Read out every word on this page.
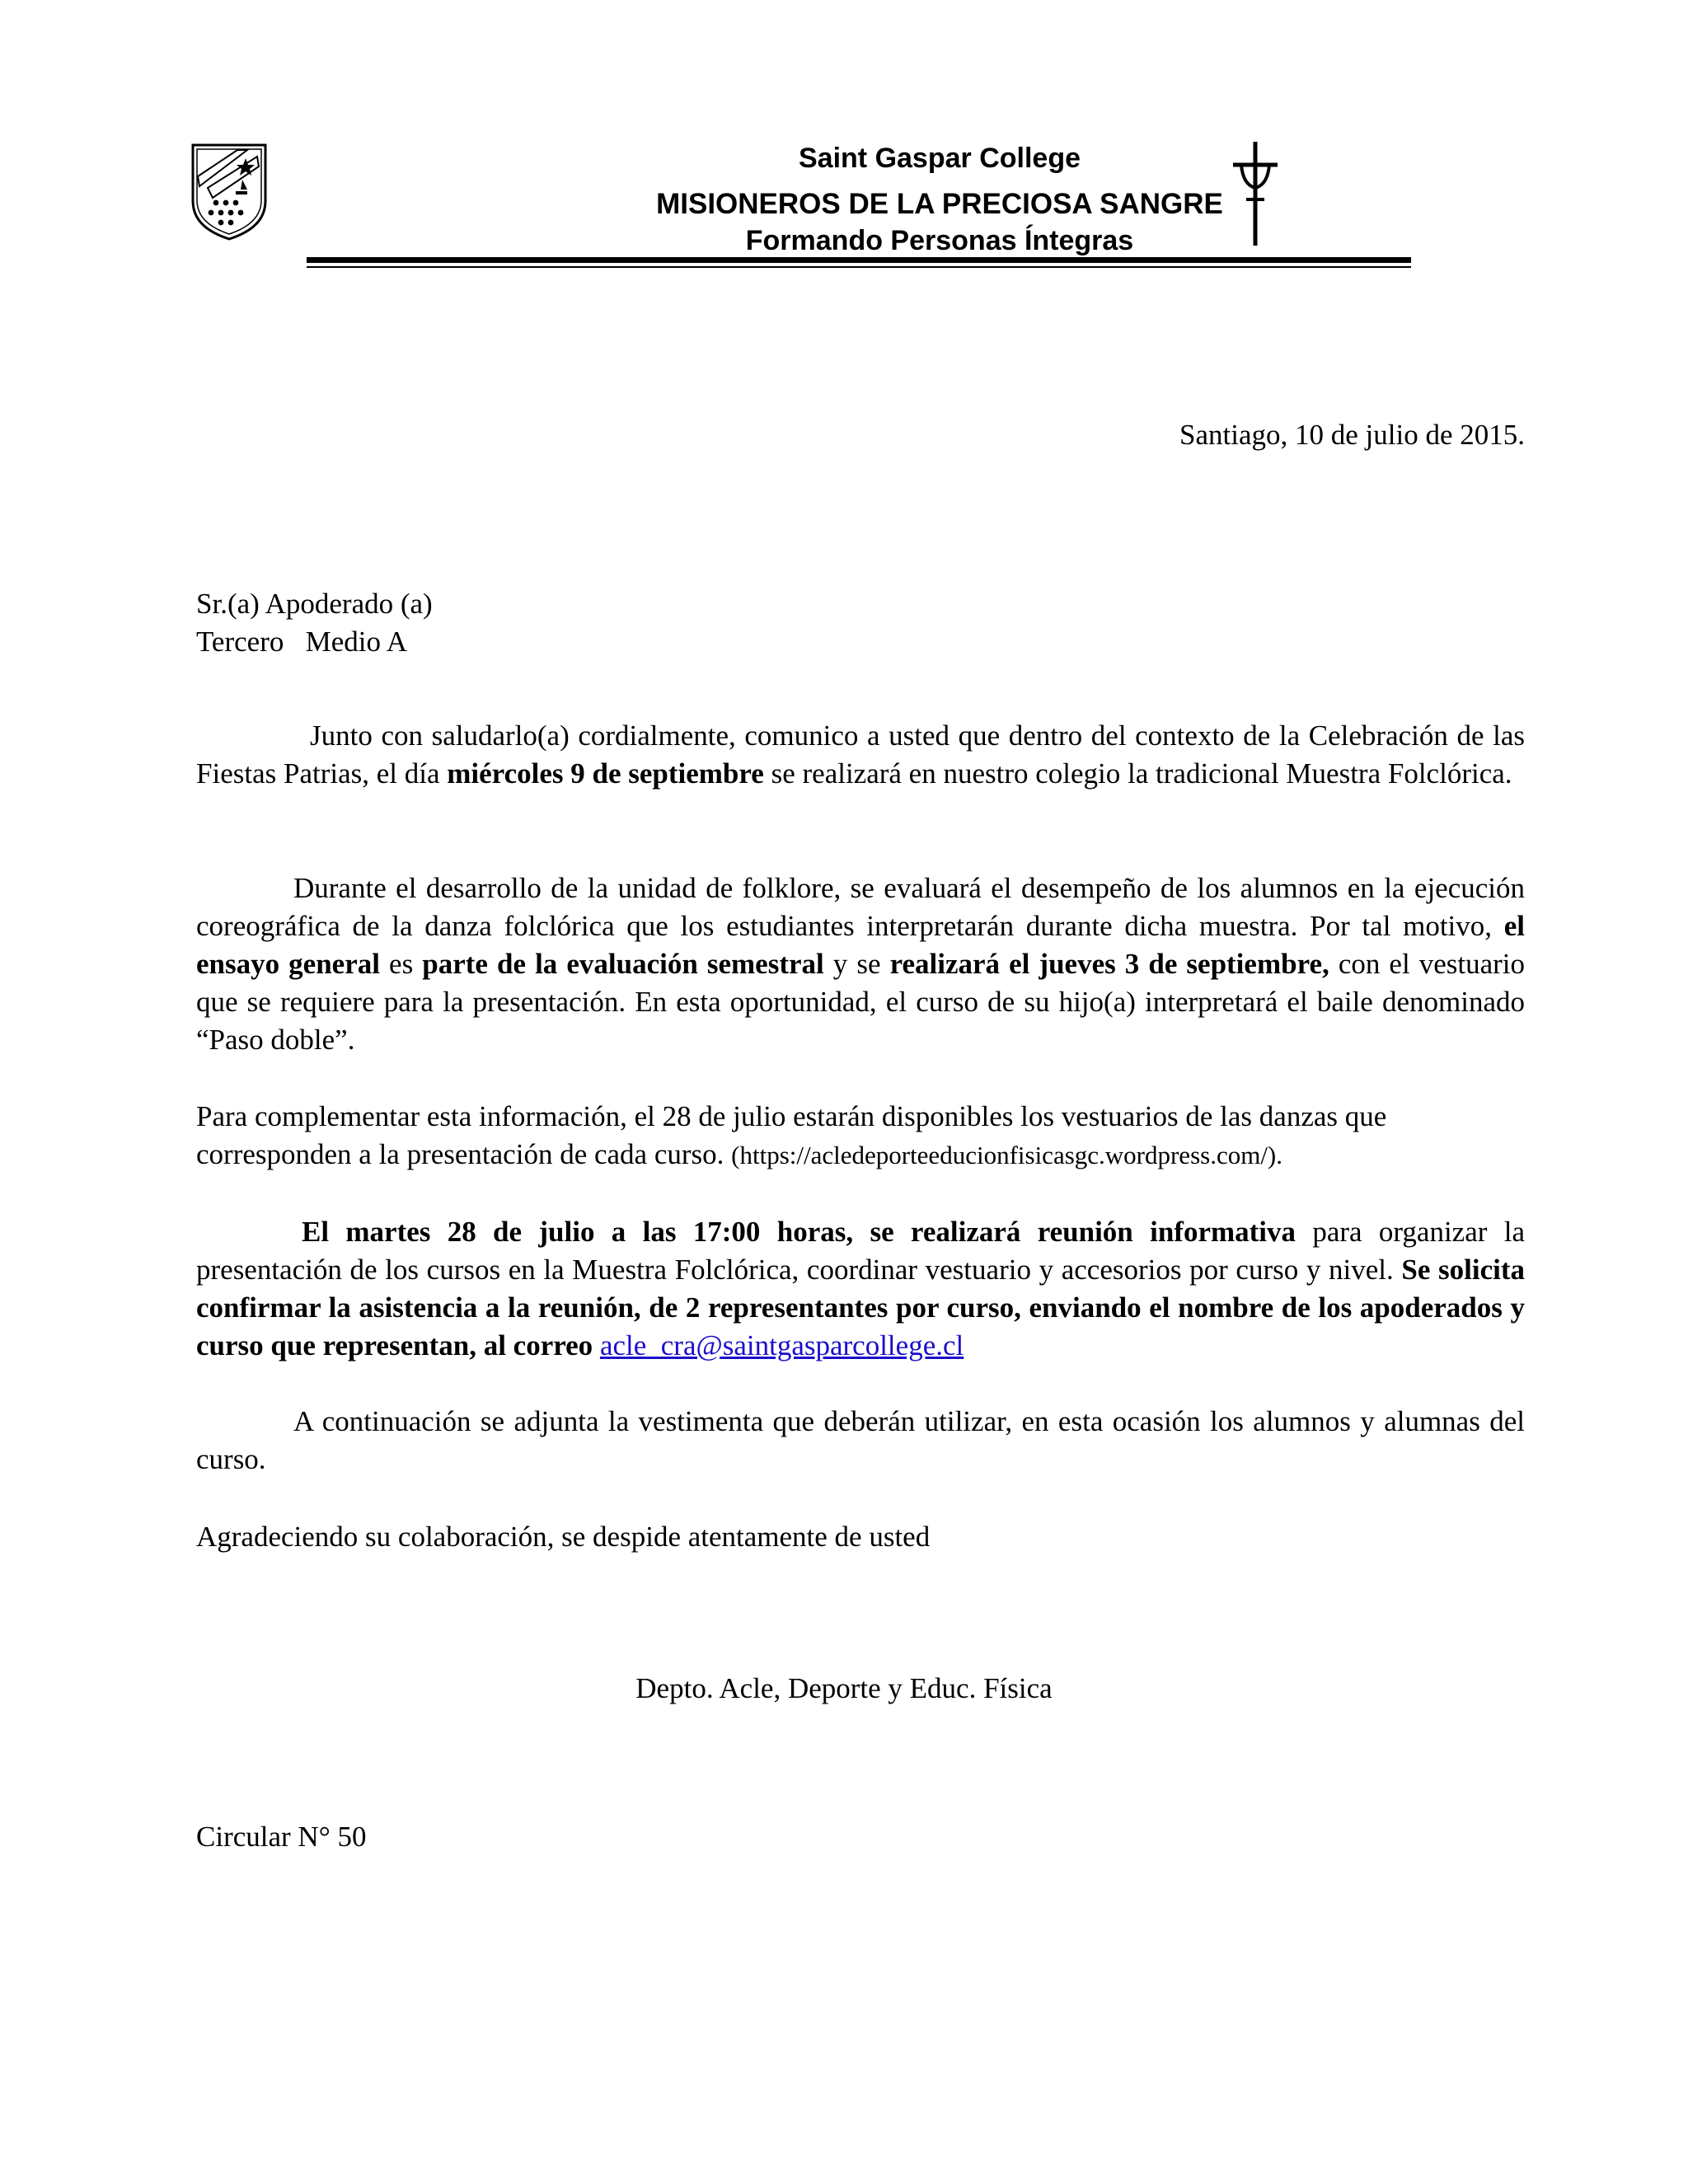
Saint Gaspar College
MISIONEROS DE LA PRECIOSA SANGRE
Formando Personas Íntegras
Santiago, 10 de julio de 2015.
Sr.(a) Apoderado (a)
Tercero   Medio A
Junto con saludarlo(a) cordialmente, comunico a usted que dentro del contexto de la Celebración de las Fiestas Patrias, el día miércoles 9 de septiembre se realizará en nuestro colegio la tradicional Muestra Folclórica.
Durante el desarrollo de la unidad de folklore, se evaluará el desempeño de los alumnos en la ejecución coreográfica de la danza folclórica que los estudiantes interpretarán durante dicha muestra. Por tal motivo, el ensayo general es parte de la evaluación semestral y se realizará el jueves 3 de septiembre, con el vestuario que se requiere para la presentación. En esta oportunidad, el curso de su hijo(a) interpretará el baile denominado “Paso doble”.
Para complementar esta información, el 28 de julio estarán disponibles los vestuarios de las danzas que corresponden a la presentación de cada curso. (https://acledeporteeducionfisicasgc.wordpress.com/).
El martes 28 de julio a las 17:00 horas, se realizará reunión informativa para organizar la presentación de los cursos en la Muestra Folclórica, coordinar vestuario y accesorios por curso y nivel. Se solicita confirmar la asistencia a la reunión, de 2 representantes por curso, enviando el nombre de los apoderados y curso que representan, al correo acle_cra@saintgasparcollege.cl
A continuación se adjunta la vestimenta que deberán utilizar, en esta ocasión los alumnos y alumnas del curso.
Agradeciendo su colaboración, se despide atentamente de usted
Depto. Acle, Deporte y Educ. Física
Circular N° 50
